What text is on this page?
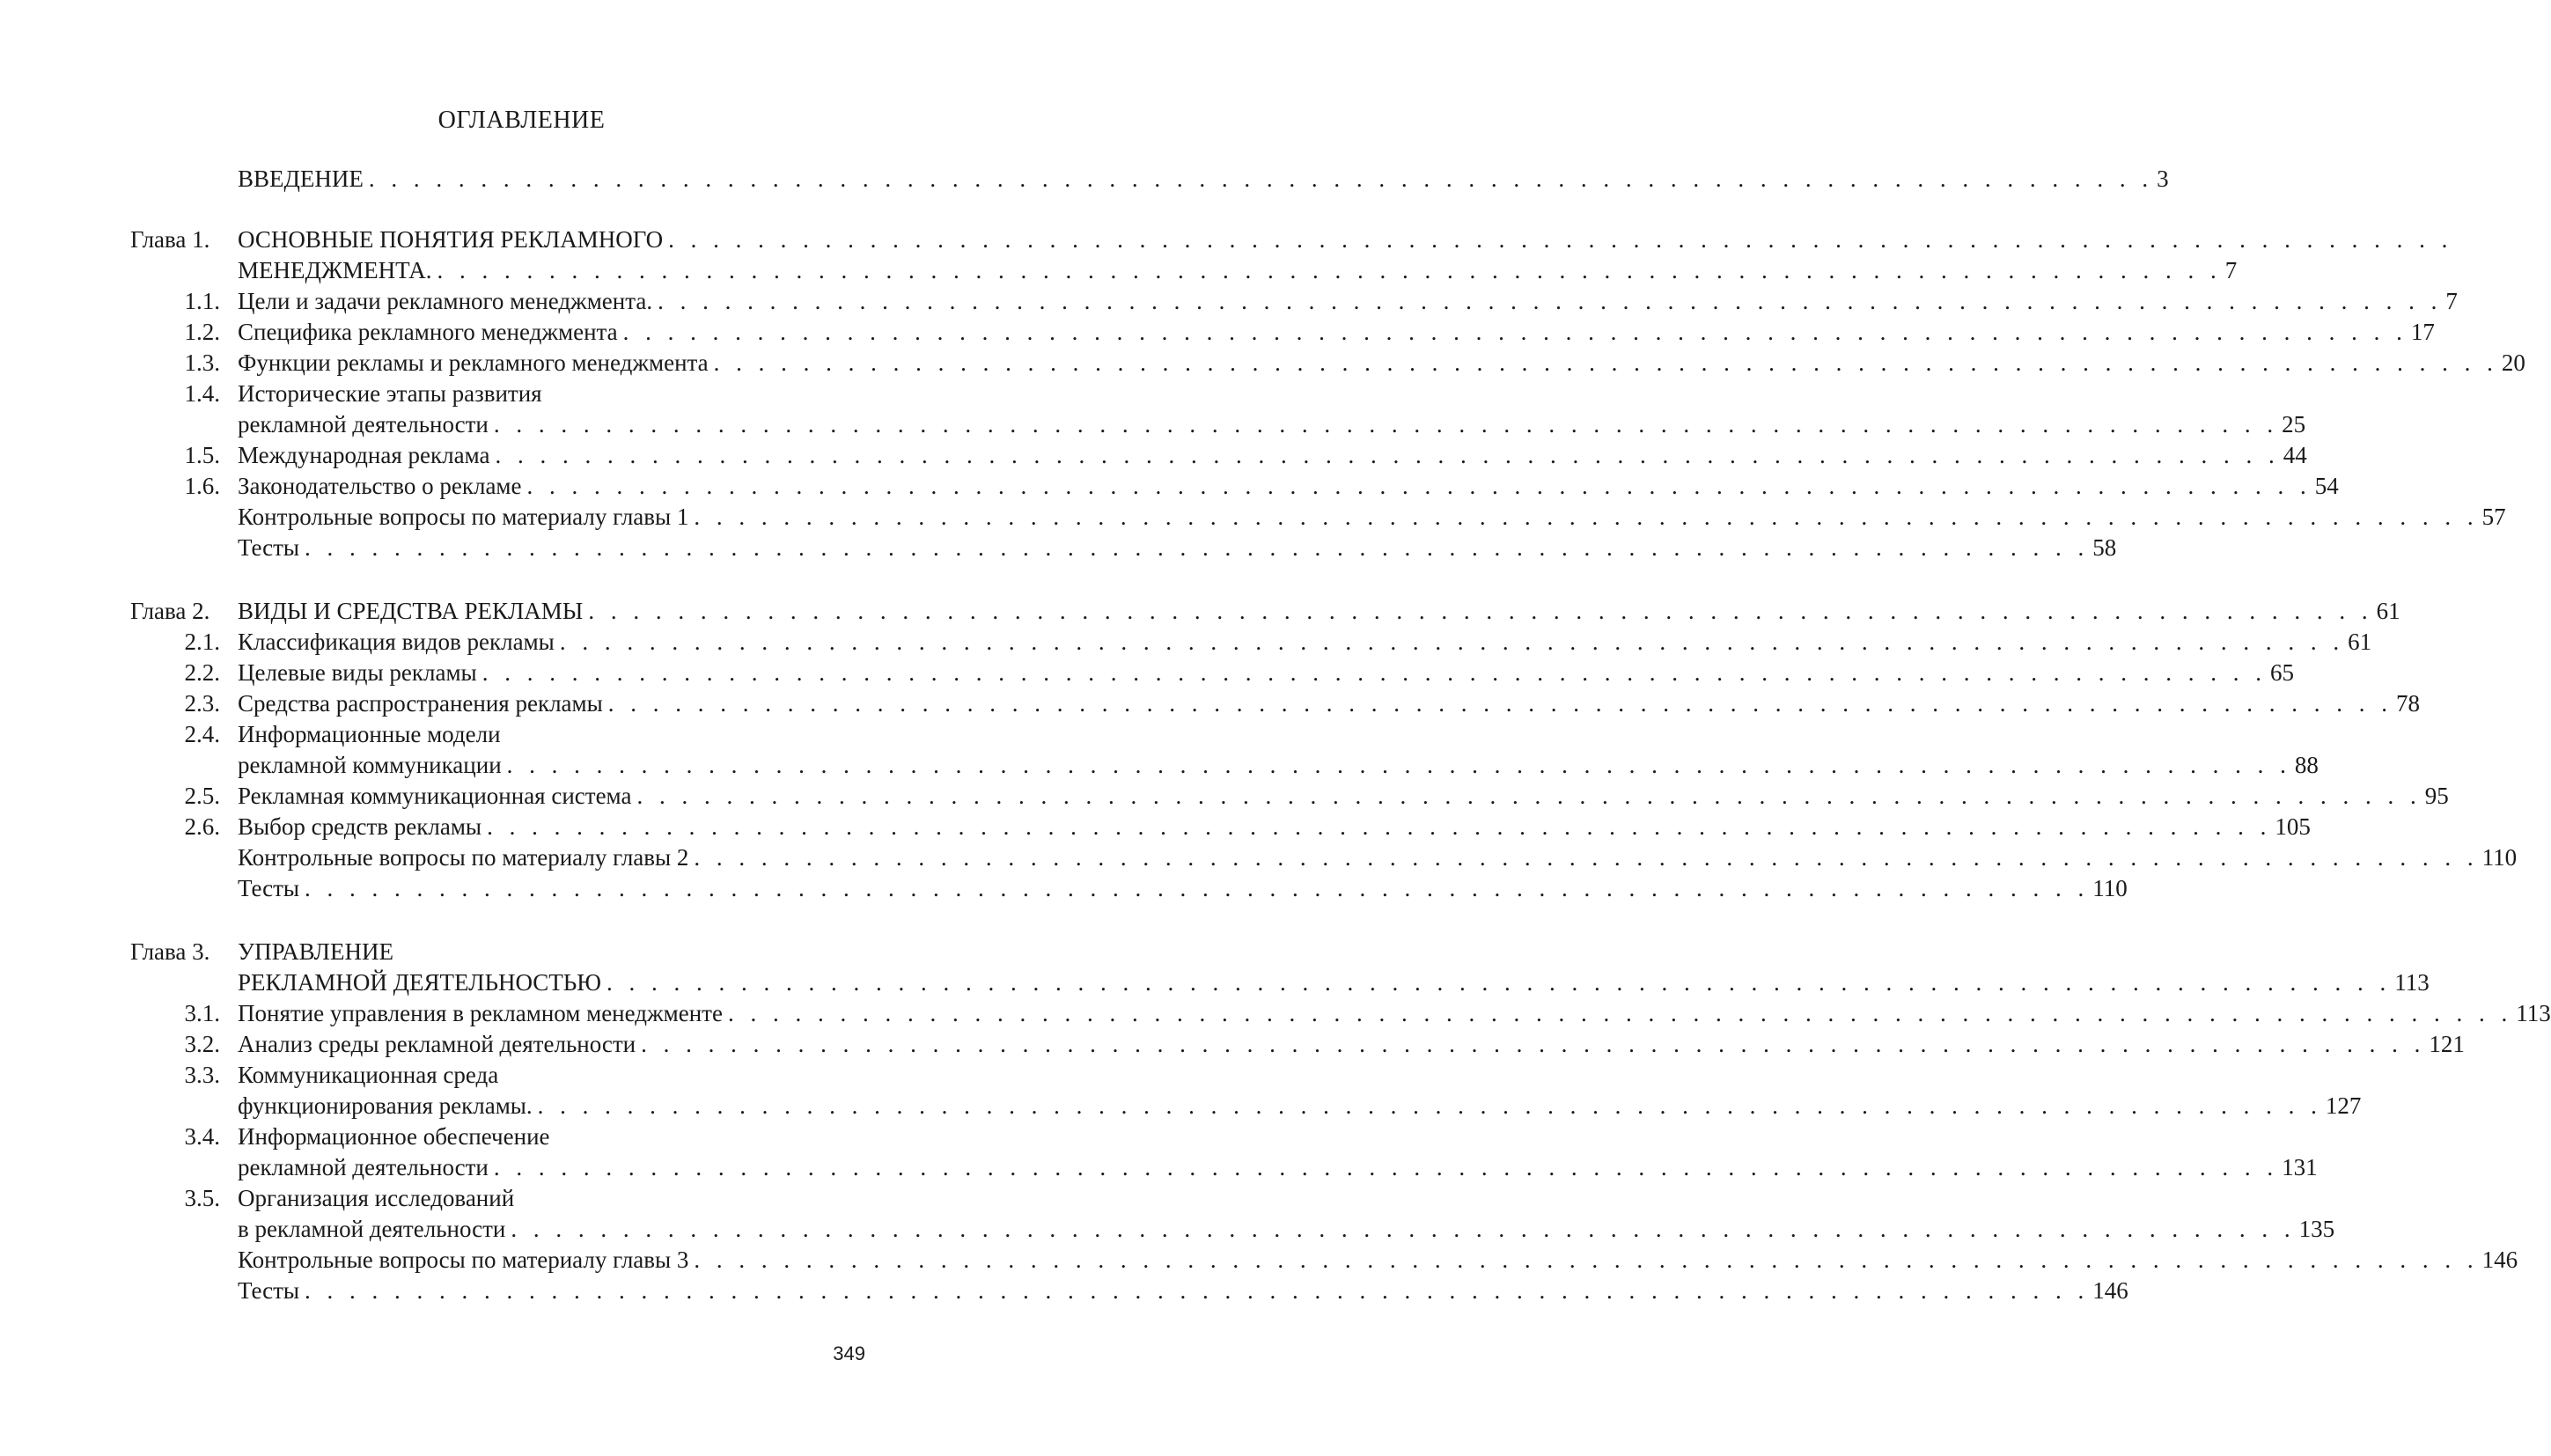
ОГЛАВЛЕНИЕ
ВВЕДЕНИЕ . . . . . . . . . . . . . . . . . . . . . . . . . . . . . . . . . . . . . . . . . . . . . . . . . . . . . . . . . . . . . . . . . . . . . . . . . . . . . . . . 3
Глава 1.	ОСНОВНЫЕ ПОНЯТИЯ РЕКЛАМНОГО . . . . . . . . . . . . . . . . . . . . . . . . . . . . . . . . . . . . . . . . . . . . . . . . . . . . . . . . . . . . . . . . . . . . . . . . . . . . . . . .
МЕНЕДЖМЕНТА. . . . . . . . . . . . . . . . . . . . . . . . . . . . . . . . . . . . . . . . . . . . . . . . . . . . . . . . . . . . . . . . . . . . . . . . . . . . . . . . . 7
1.1. Цели и задачи рекламного менеджмента. . . . . . . . . . . . . . . . . . . . . . . . . . . . . . . . . . . . . . . . . . . . . . . . . . . . . . . . . . . . . . . . . . . . . . . . . . . . . . . . . 7
1.2. Специфика рекламного менеджмента . . . . . . . . . . . . . . . . . . . . . . . . . . . . . . . . . . . . . . . . . . . . . . . . . . . . . . . . . . . . . . . . . . . . . . . . . . . . . . . . 17
1.3. Функции рекламы и рекламного менеджмента . . . . . . . . . . . . . . . . . . . . . . . . . . . . . . . . . . . . . . . . . . . . . . . . . . . . . . . . . . . . . . . . . . . . . . . . . . . . . . . . 20
1.4. Исторические этапы развития
рекламной деятельности . . . . . . . . . . . . . . . . . . . . . . . . . . . . . . . . . . . . . . . . . . . . . . . . . . . . . . . . . . . . . . . . . . . . . . . . . . . . . . . . 25
1.5. Международная реклама . . . . . . . . . . . . . . . . . . . . . . . . . . . . . . . . . . . . . . . . . . . . . . . . . . . . . . . . . . . . . . . . . . . . . . . . . . . . . . . . 44
1.6. Законодательство о рекламе . . . . . . . . . . . . . . . . . . . . . . . . . . . . . . . . . . . . . . . . . . . . . . . . . . . . . . . . . . . . . . . . . . . . . . . . . . . . . . . . 54
Контрольные вопросы по материалу главы 1 . . . . . . . . . . . . . . . . . . . . . . . . . . . . . . . . . . . . . . . . . . . . . . . . . . . . . . . . . . . . . . . . . . . . . . . . . . . . . . . . 57
Тесты . . . . . . . . . . . . . . . . . . . . . . . . . . . . . . . . . . . . . . . . . . . . . . . . . . . . . . . . . . . . . . . . . . . . . . . . . . . . . . . . 58
Глава 2.	ВИДЫ И СРЕДСТВА РЕКЛАМЫ . . . . . . . . . . . . . . . . . . . . . . . . . . . . . . . . . . . . . . . . . . . . . . . . . . . . . . . . . . . . . . . . . . . . . . . . . . . . . . . . 61
2.1. Классификация видов рекламы . . . . . . . . . . . . . . . . . . . . . . . . . . . . . . . . . . . . . . . . . . . . . . . . . . . . . . . . . . . . . . . . . . . . . . . . . . . . . . . . 61
2.2. Целевые виды рекламы . . . . . . . . . . . . . . . . . . . . . . . . . . . . . . . . . . . . . . . . . . . . . . . . . . . . . . . . . . . . . . . . . . . . . . . . . . . . . . . . 65
2.3. Средства распространения рекламы . . . . . . . . . . . . . . . . . . . . . . . . . . . . . . . . . . . . . . . . . . . . . . . . . . . . . . . . . . . . . . . . . . . . . . . . . . . . . . . . 78
2.4. Информационные модели
рекламной коммуникации . . . . . . . . . . . . . . . . . . . . . . . . . . . . . . . . . . . . . . . . . . . . . . . . . . . . . . . . . . . . . . . . . . . . . . . . . . . . . . . . 88
2.5. Рекламная коммуникационная система . . . . . . . . . . . . . . . . . . . . . . . . . . . . . . . . . . . . . . . . . . . . . . . . . . . . . . . . . . . . . . . . . . . . . . . . . . . . . . . . 95
2.6. Выбор средств рекламы . . . . . . . . . . . . . . . . . . . . . . . . . . . . . . . . . . . . . . . . . . . . . . . . . . . . . . . . . . . . . . . . . . . . . . . . . . . . . . . . 105
Контрольные вопросы по материалу главы 2 . . . . . . . . . . . . . . . . . . . . . . . . . . . . . . . . . . . . . . . . . . . . . . . . . . . . . . . . . . . . . . . . . . . . . . . . . . . . . . . . 110
Тесты . . . . . . . . . . . . . . . . . . . . . . . . . . . . . . . . . . . . . . . . . . . . . . . . . . . . . . . . . . . . . . . . . . . . . . . . . . . . . . . . 110
Глава 3.	УПРАВЛЕНИЕ
РЕКЛАМНОЙ ДЕЯТЕЛЬНОСТЬЮ . . . . . . . . . . . . . . . . . . . . . . . . . . . . . . . . . . . . . . . . . . . . . . . . . . . . . . . . . . . . . . . . . . . . . . . . . . . . . . . . 113
3.1. Понятие управления в рекламном менеджменте . . . . . . . . . . . . . . . . . . . . . . . . . . . . . . . . . . . . . . . . . . . . . . . . . . . . . . . . . . . . . . . . . . . . . . . . . . . . . . . . 113
3.2. Анализ среды рекламной деятельности . . . . . . . . . . . . . . . . . . . . . . . . . . . . . . . . . . . . . . . . . . . . . . . . . . . . . . . . . . . . . . . . . . . . . . . . . . . . . . . . 121
3.3. Коммуникационная среда
функционирования рекламы. . . . . . . . . . . . . . . . . . . . . . . . . . . . . . . . . . . . . . . . . . . . . . . . . . . . . . . . . . . . . . . . . . . . . . . . . . . . . . . . . 127
3.4. Информационное обеспечение
рекламной деятельности . . . . . . . . . . . . . . . . . . . . . . . . . . . . . . . . . . . . . . . . . . . . . . . . . . . . . . . . . . . . . . . . . . . . . . . . . . . . . . . . 131
3.5. Организация исследований
в рекламной деятельности . . . . . . . . . . . . . . . . . . . . . . . . . . . . . . . . . . . . . . . . . . . . . . . . . . . . . . . . . . . . . . . . . . . . . . . . . . . . . . . . 135
Контрольные вопросы по материалу главы 3 . . . . . . . . . . . . . . . . . . . . . . . . . . . . . . . . . . . . . . . . . . . . . . . . . . . . . . . . . . . . . . . . . . . . . . . . . . . . . . . . 146
Тесты . . . . . . . . . . . . . . . . . . . . . . . . . . . . . . . . . . . . . . . . . . . . . . . . . . . . . . . . . . . . . . . . . . . . . . . . . . . . . . . . 146
349
